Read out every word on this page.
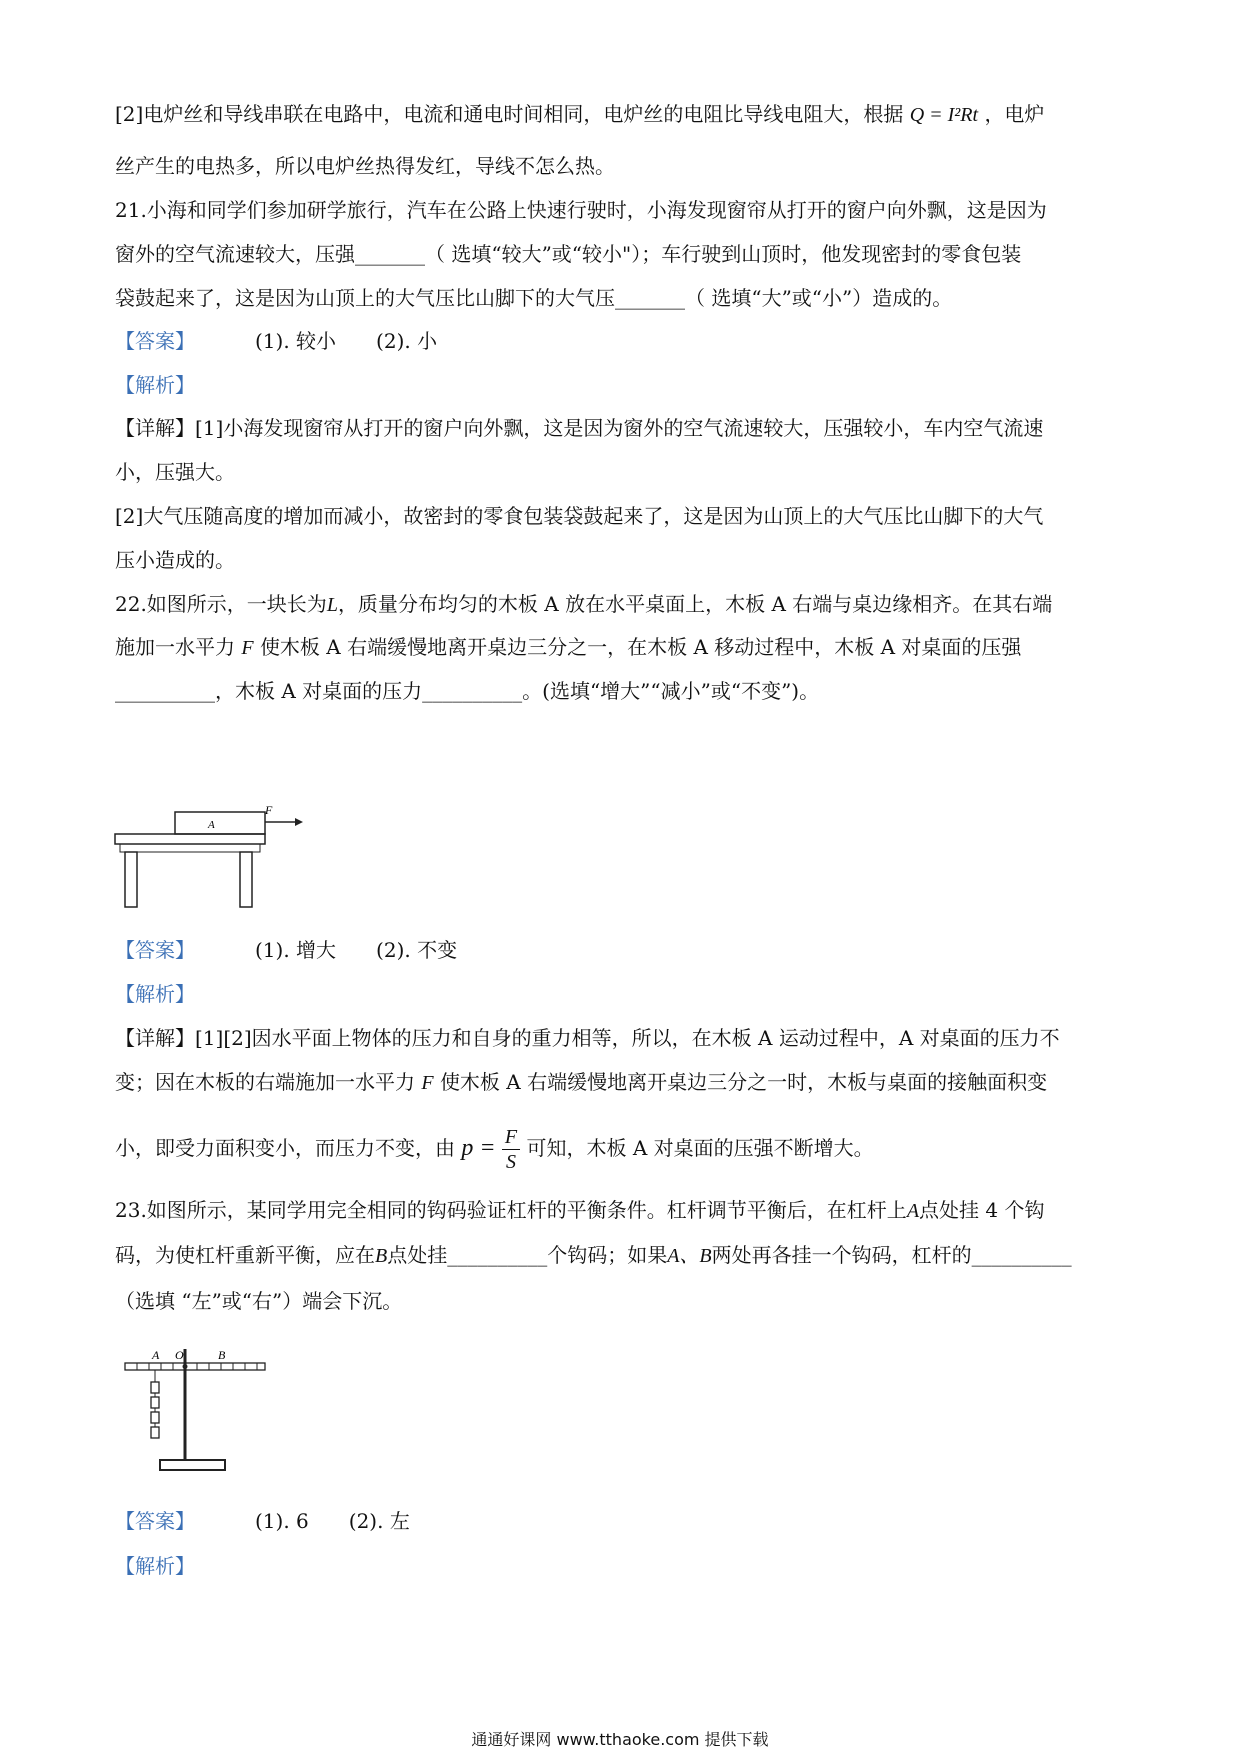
[2]电炉丝和导线串联在电路中，电流和通电时间相同，电炉丝的电阻比导线电阻大，根据 Q = I²Rt ，电炉
丝产生的电热多，所以电炉丝热得发红，导线不怎么热。
21.小海和同学们参加研学旅行，汽车在公路上快速行驶时，小海发现窗帘从打开的窗户向外飘，这是因为
窗外的空气流速较大，压强_______（ 选填“较大”或“较小"）；车行驶到山顶时，他发现密封的零食包装
袋鼓起来了，这是因为山顶上的大气压比山脚下的大气压_______（ 选填“大”或“小”）造成的。
【答案】	(1). 较小 (2). 小
【解析】
【详解】[1]小海发现窗帘从打开的窗户向外飘，这是因为窗外的空气流速较大，压强较小，车内空气流速
小，压强大。
[2]大气压随高度的增加而减小，故密封的零食包装袋鼓起来了，这是因为山顶上的大气压比山脚下的大气
压小造成的。
22.如图所示，一块长为L，质量分布均匀的木板 A 放在水平桌面上，木板 A 右端与桌边缘相齐。在其右端
施加一水平力 F 使木板 A 右端缓慢地离开桌边三分之一，在木板 A 移动过程中，木板 A 对桌面的压强
__________，木板 A 对桌面的压力__________。(选填“增大”“减小”或“不变”)。
A
F
【答案】	(1). 增大 (2). 不变
【解析】
【详解】[1][2]因水平面上物体的压力和自身的重力相等，所以，在木板 A 运动过程中，A 对桌面的压力不
变；因在木板的右端施加一水平力 F 使木板 A 右端缓慢地离开桌边三分之一时，木板与桌面的接触面积变
小，即受力面积变小，而压力不变，由 $p = \frac{F}{S}$ 可知，木板 A 对桌面的压强不断增大。
23.如图所示，某同学用完全相同的钩码验证杠杆的平衡条件。杠杆调节平衡后，在杠杆上A点处挂 4 个钩
码，为使杠杆重新平衡，应在B点处挂__________个钩码；如果A、B两处再各挂一个钩码，杠杆的__________
（选填 “左”或“右”）端会下沉。
A O	B
【答案】	(1). 6 (2). 左
【解析】
通通好课网 www.tthaoke.com 提供下载
